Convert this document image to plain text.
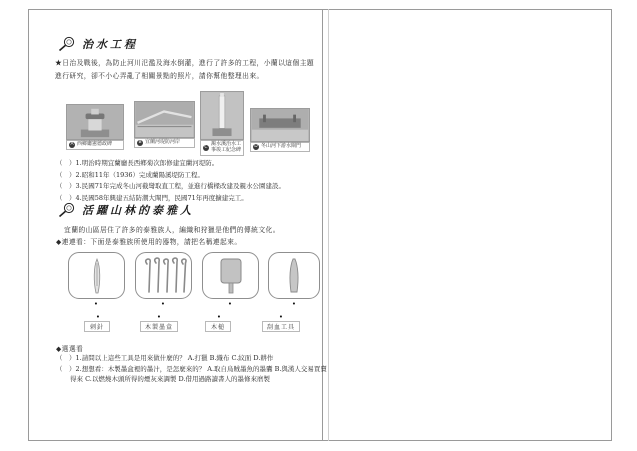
治水工程
★日治及戰後，為防止河川氾濫及海水倒灌，進行了許多的工程，小蘭以這個主題進行研究，卻不小心弄亂了相關景點的照片，請你幫他整理出來。
A 西鄉廳憲德政碑	B 宜蘭河堤防河岸
C
濁水溪治水工事竣工紀念碑	D 冬山河下游水閘門
（　）1.明治時期宜蘭廳長西鄉菊次郎修建宜蘭河堤防。
（　）2.昭和11年（1936）完成蘭陽溪堤防工程。
（　）3.民國71年完成冬山河截彎取直工程，並進行橋樑改建及親水公園建設。
（　）4.民國58年興建五結防潮大閘門，民國71年再度擴建完工。
活躍山林的泰雅人
宜蘭的山區居住了許多的泰雅族人，編織和狩獵是他們的傳統文化。
◆連連看：下面是泰雅族所使用的器物，請把名稱連起來。
•	•	•	•
•	•	•	•
刺針	木製墨盒	木槌	刮血工具
◆選選看
（　）1.請問以上這些工具是用來做什麼的？ A.打獵 B.織布 C.紋面 D.耕作
（　）2.想想看：木製墨盒裡的墨汁，是怎麼來的？ A.取自烏賊墨魚的墨囊 B.與漢人交易買賣得來 C.以燃燒木頭所得的煙灰來調製 D.借用過路讀書人的墨條來磨製
